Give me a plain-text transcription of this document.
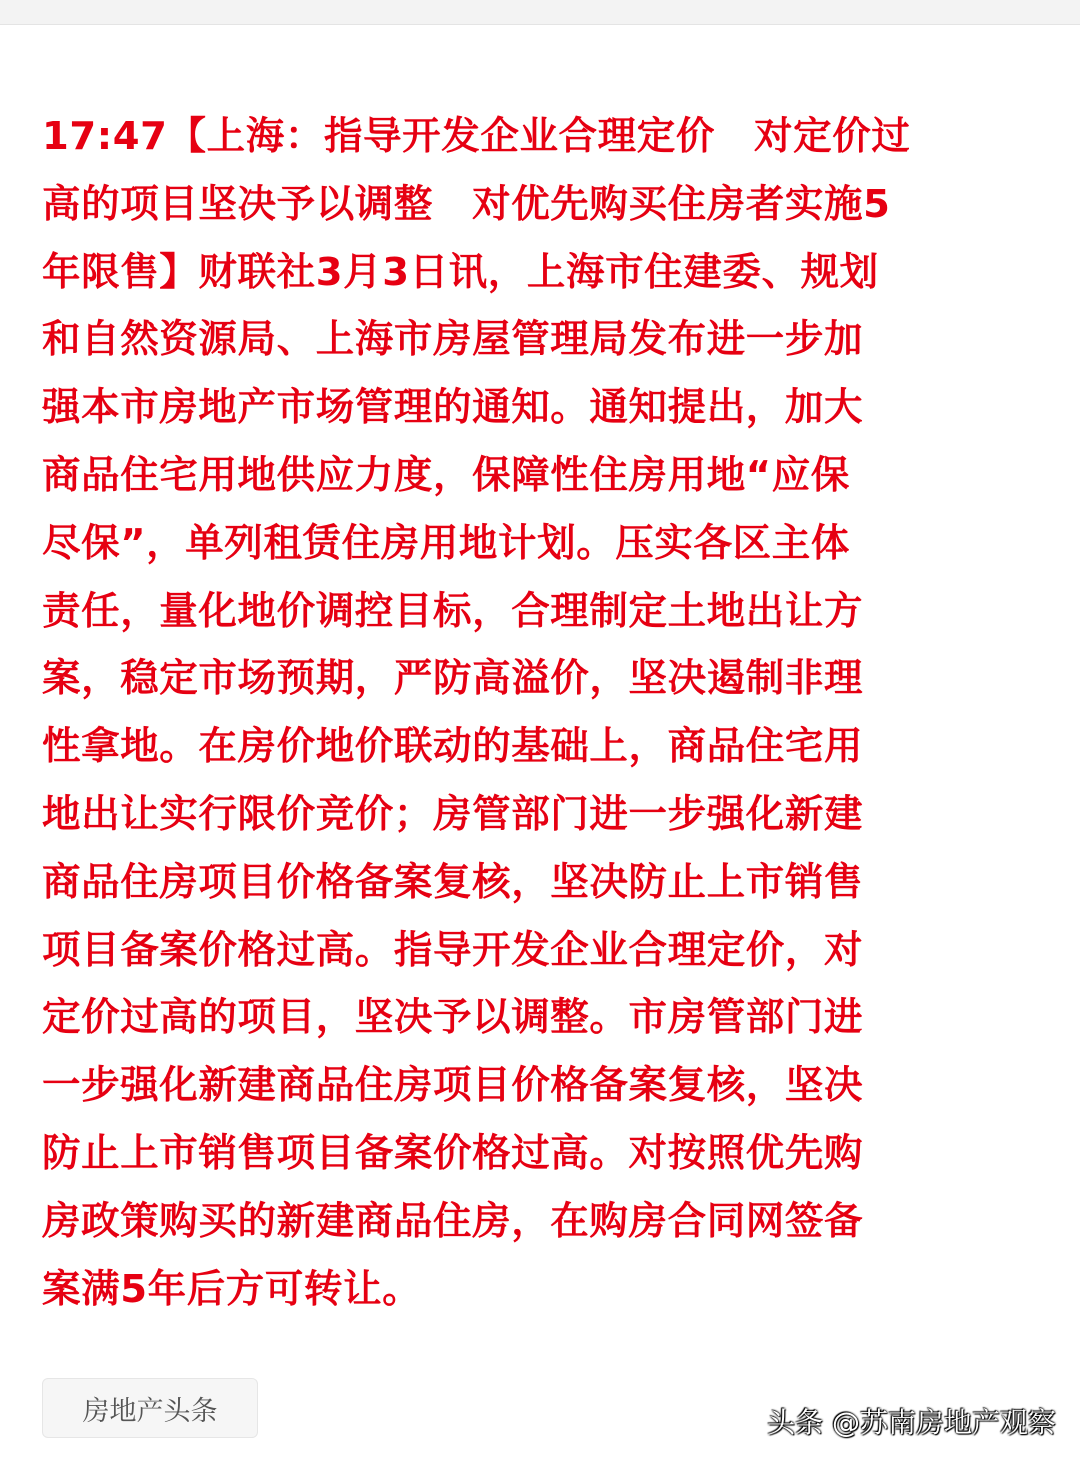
17:47【上海：指导开发企业合理定价　对定价过
高的项目坚决予以调整　对优先购买住房者实施5
年限售】财联社3月3日讯，上海市住建委、规划
和自然资源局、上海市房屋管理局发布进一步加
强本市房地产市场管理的通知。通知提出，加大
商品住宅用地供应力度，保障性住房用地“应保
尽保”，单列租赁住房用地计划。压实各区主体
责任，量化地价调控目标，合理制定土地出让方
案，稳定市场预期，严防高溢价，坚决遏制非理
性拿地。在房价地价联动的基础上，商品住宅用
地出让实行限价竞价；房管部门进一步强化新建
商品住房项目价格备案复核，坚决防止上市销售
项目备案价格过高。指导开发企业合理定价，对
定价过高的项目，坚决予以调整。市房管部门进
一步强化新建商品住房项目价格备案复核，坚决
防止上市销售项目备案价格过高。对按照优先购
房政策购买的新建商品住房，在购房合同网签备
案满5年后方可转让。

房地产头条	头条 @苏南房地产观察
